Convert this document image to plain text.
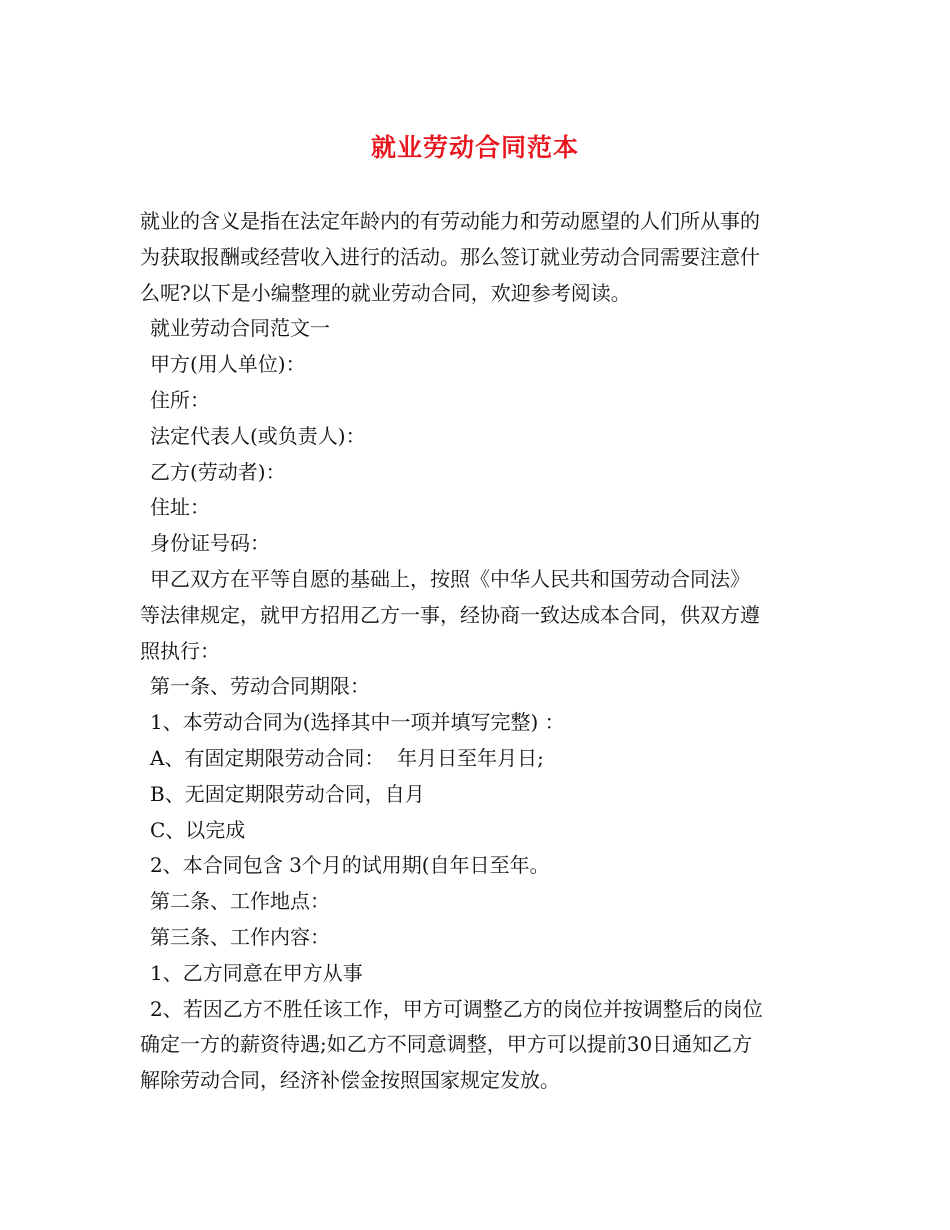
就业劳动合同范本
就业的含义是指在法定年龄内的有劳动能力和劳动愿望的人们所从事的
为获取报酬或经营收入进行的活动。那么签订就业劳动合同需要注意什
么呢?以下是小编整理的就业劳动合同，欢迎参考阅读。
就业劳动合同范文一
甲方(用人单位)：
住所：
法定代表人(或负责人)：
乙方(劳动者)：
住址：
身份证号码：
甲乙双方在平等自愿的基础上，按照《中华人民共和国劳动合同法》
等法律规定，就甲方招用乙方一事，经协商一致达成本合同，供双方遵
照执行：
第一条、劳动合同期限：
1、本劳动合同为(选择其中一项并填写完整) ：
A、有固定期限劳动合同：  年月日至年月日;
B、无固定期限劳动合同，自月
C、以完成
2、本合同包含 3个月的试用期(自年日至年。
第二条、工作地点：
第三条、工作内容：
1、乙方同意在甲方从事
2、若因乙方不胜任该工作，甲方可调整乙方的岗位并按调整后的岗位
确定一方的薪资待遇;如乙方不同意调整，甲方可以提前30日通知乙方
解除劳动合同，经济补偿金按照国家规定发放。
